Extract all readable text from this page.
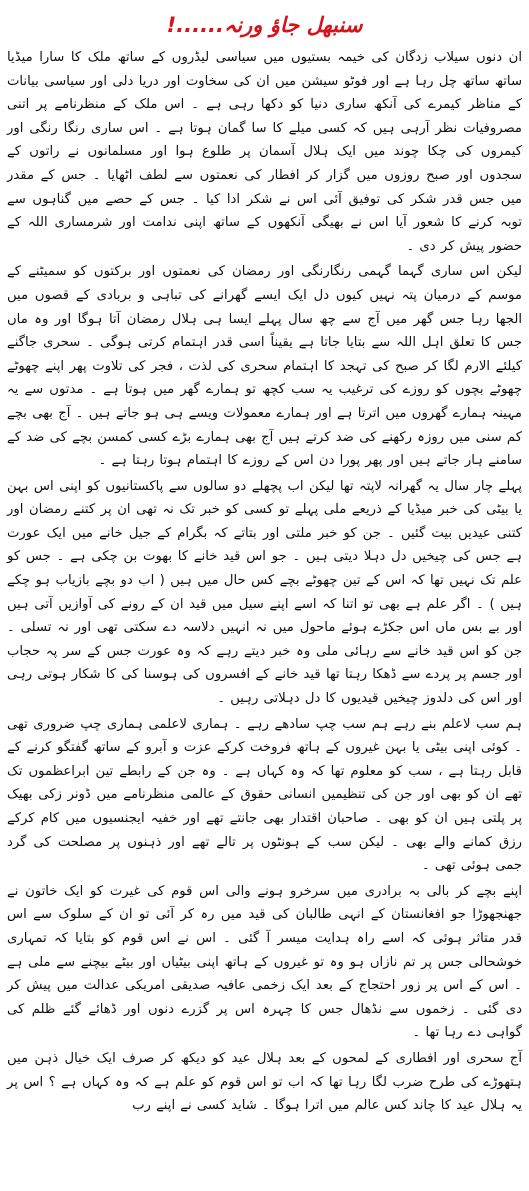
سنبھل جاؤ ورنہ......!

ان دنوں سیلاب زدگان کی خیمہ بستیوں میں سیاسی لیڈروں کے ساتھ ملک کا سارا میڈیا ساتھ ساتھ چل رہا ہے اور فوٹو سیشن میں ان کی سخاوت اور دریا دلی اور سیاسی بیانات کے مناظر کیمرے کی آنکھ ساری دنیا کو دکھا رہی ہے ۔ اس ملک کے منظرنامے پر اتنی مصروفیات نظر آرہی ہیں کہ کسی میلے کا سا گمان ہوتا ہے ۔ اس ساری رنگا رنگی اور کیمروں کی چکا چوند میں ایک ہلال آسمان پر طلوع ہوا اور مسلمانوں نے راتوں کے سجدوں اور صبح روزوں میں گزار کر افطار کی نعمتوں سے لطف اٹھایا ۔ جس کے مقدر میں جس قدر شکر کی توفیق آئی اس نے شکر ادا کیا ۔ جس کے حصے میں گناہوں سے توبہ کرنے کا شعور آیا اس نے بھیگی آنکھوں کے ساتھ اپنی ندامت اور شرمساری اللہ کے حضور پیش کر دی ۔

لیکن اس ساری گہما گہمی رنگارنگی اور رمضان کی نعمتوں اور برکتوں کو سمیٹنے کے موسم کے درمیان پتہ نہیں کیوں دل ایک ایسے گھرانے کی تباہی و بربادی کے قصوں میں الجھا رہا جس گھر میں آج سے چھ سال پہلے ایسا ہی ہلال رمضان آتا ہوگا اور وہ ماں جس کا تعلق اہل اللہ سے بتایا جاتا ہے یقیناً اسی قدر اہتمام کرتی ہوگی ۔ سحری جاگنے کیلئے الارم لگا کر صبح کی تہجد کا اہتمام سحری کی لذت ، فجر کی تلاوت پھر اپنے چھوٹے چھوٹے بچوں کو روزے کی ترغیب یہ سب کچھ تو ہمارے گھر میں ہوتا ہے ۔ مدتوں سے یہ مہینہ ہمارے گھروں میں اترتا ہے اور ہمارے معمولات ویسے ہی ہو جاتے ہیں ۔ آج بھی بچے کم سنی میں روزہ رکھنے کی ضد کرتے ہیں آج بھی ہمارے بڑے کسی کمسن بچے کی ضد کے سامنے ہار جاتے ہیں اور پھر پورا دن اس کے روزے کا اہتمام ہوتا رہتا ہے ۔

پہلے چار سال یہ گھرانہ لاپتہ تھا لیکن اب پچھلے دو سالوں سے پاکستانیوں کو اپنی اس بہن یا بیٹی کی خبر میڈیا کے ذریعے ملی پہلے تو کسی کو خبر تک نہ تھی ان پر کتنے رمضان اور کتنی عیدیں بیت گئیں ۔ جن کو خبر ملتی اور بتاتے کہ بگرام کے جیل خانے میں ایک عورت ہے جس کی چیخیں دل دہلا دیتی ہیں ۔ جو اس قید خانے کا بھوت بن چکی ہے ۔ جس کو علم تک نہیں تھا کہ اس کے تین چھوٹے بچے کس حال میں ہیں ( اب دو بچے بازیاب ہو چکے ہیں ) ۔ اگر علم ہے بھی تو اتنا کہ اسے اپنے سیل میں قید ان کے رونے کی آوازیں آتی ہیں اور بے بس ماں اس جکڑے ہوئے ماحول میں نہ انہیں دلاسہ دے سکتی تھی اور نہ تسلی ۔ جن کو اس قید خانے سے رہائی ملی وہ خبر دیتے رہے کہ وہ عورت جس کے سر پہ حجاب اور جسم پر پردے سے ڈھکا رہتا تھا قید خانے کے افسروں کی ہوسنا کی کا شکار ہوتی رہی اور اس کی دلدوز چیخیں قیدیوں کا دل دہلاتی رہیں ۔

ہم سب لاعلم بنے رہے ہم سب چپ سادھے رہے ۔ ہماری لاعلمی ہماری چپ ضروری تھی ۔ کوئی اپنی بیٹی یا بہن غیروں کے ہاتھ فروخت کرکے عزت و آبرو کے ساتھ گفتگو کرنے کے قابل رہتا ہے ، سب کو معلوم تھا کہ وہ کہاں ہے ۔ وہ جن کے رابطے تین ابراعظموں تک تھے ان کو بھی اور جن کی تنظیمیں انسانی حقوق کے عالمی منظرنامے میں ڈونر زکی بھیک پر پلتی ہیں ان کو بھی ۔ صاحبان اقتدار بھی جانتے تھے اور خفیہ ایجنسیوں میں کام کرکے رزق کمانے والے بھی ۔ لیکن سب کے ہونٹوں پر تالے تھے اور ذہنوں پر مصلحت کی گرد جمی ہوئی تھی ۔

اپنے بچے کر بالی بہ برادری میں سرخرو ہونے والی اس قوم کی غیرت کو ایک خاتون نے جھنجھوڑا جو افغانستان کے انہی طالبان کی قید میں رہ کر آئی تو ان کے سلوک سے اس قدر متاثر ہوئی کہ اسے راہ ہدایت میسر آ گئی ۔ اس نے اس قوم کو بتایا کہ تمہاری خوشحالی جس پر تم نازاں ہو وہ تو غیروں کے ہاتھ اپنی بیٹیاں اور بیٹے بیچنے سے ملی ہے ۔ اس کے اس پر زور احتجاج کے بعد ایک زخمی عافیہ صدیقی امریکی عدالت میں پیش کر دی گئی ۔ زخموں سے نڈھال جس کا چہرہ اس پر گزرے دنوں اور ڈھائے گئے ظلم کی گواہی دے رہا تھا ۔

آج سحری اور افطاری کے لمحوں کے بعد ہلال عید کو دیکھ کر صرف ایک خیال ذہن میں ہتھوڑے کی طرح ضرب لگا رہا تھا کہ اب تو اس قوم کو علم ہے کہ وہ کہاں ہے ؟ اس پر یہ ہلال عید کا چاند کس عالم میں اترا ہوگا ۔ شاید کسی نے اپنے رب
